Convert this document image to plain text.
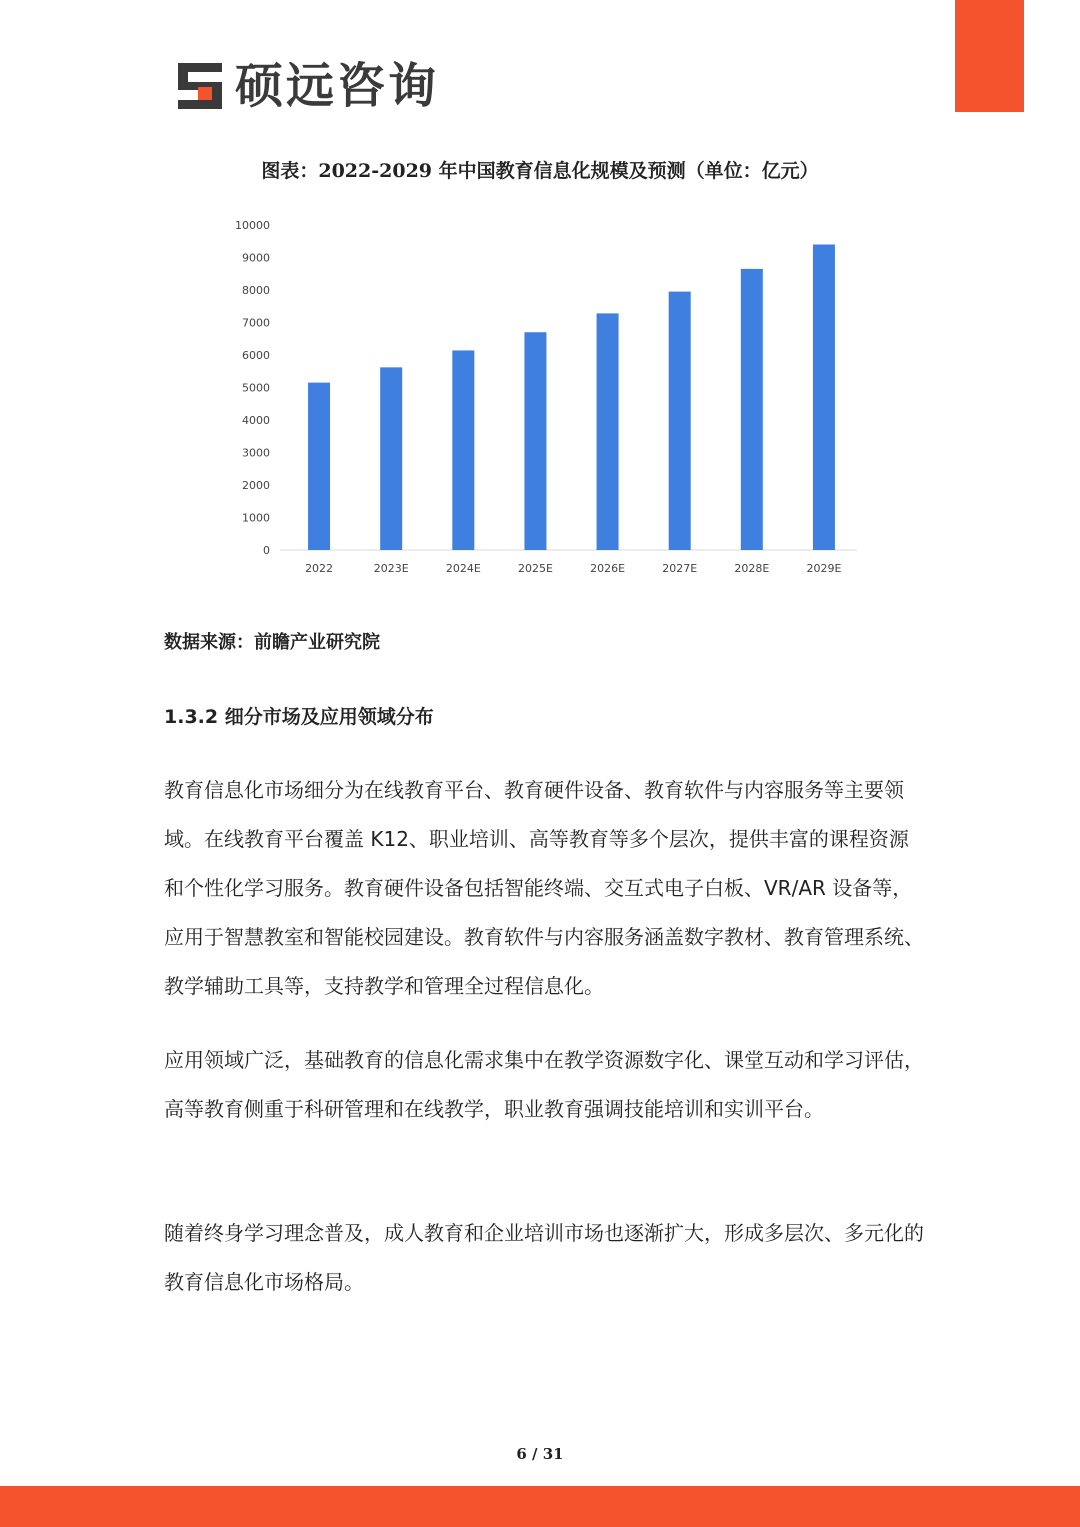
硕远咨询
图表：2022-2029 年中国教育信息化规模及预测（单位：亿元）
0
1000
2000
3000
4000
5000
6000
7000
8000
9000
10000
2022	2023E	2024E	2025E	2026E	2027E	2028E	2029E
数据来源：前瞻产业研究院
1.3.2 细分市场及应用领域分布

教育信息化市场细分为在线教育平台、教育硬件设备、教育软件与内容服务等主要领域。在线教育平台覆盖 K12、职业培训、高等教育等多个层次，提供丰富的课程资源和个性化学习服务。教育硬件设备包括智能终端、交互式电子白板、VR/AR 设备等，应用于智慧教室和智能校园建设。教育软件与内容服务涵盖数字教材、教育管理系统、教学辅助工具等，支持教学和管理全过程信息化。

应用领域广泛，基础教育的信息化需求集中在教学资源数字化、课堂互动和学习评估，高等教育侧重于科研管理和在线教学，职业教育强调技能培训和实训平台。

随着终身学习理念普及，成人教育和企业培训市场也逐渐扩大，形成多层次、多元化的教育信息化市场格局。

6 / 31
